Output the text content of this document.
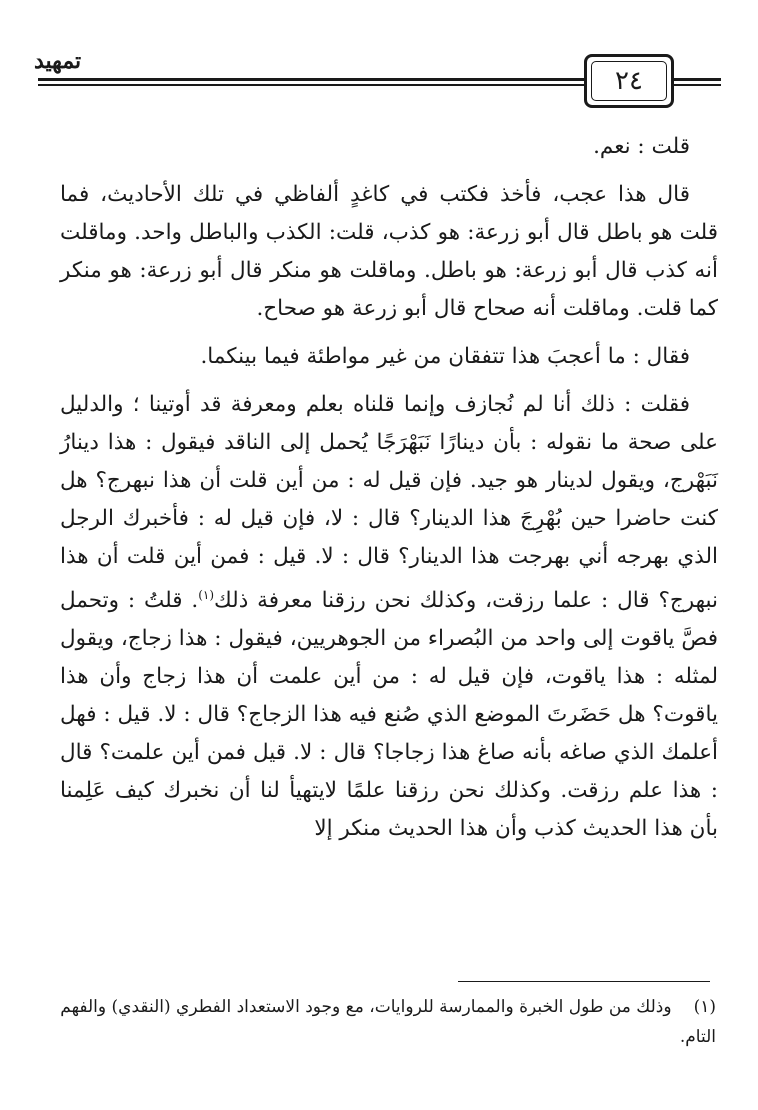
٢٤
تمهيد

قلت : نعم.

قال هذا عجب، فأخذ فكتب في كاغدٍ ألفاظي في تلك الأحاديث، فما قلت هو باطل قال أبو زرعة: هو كذب، قلت: الكذب والباطل واحد. وماقلت أنه كذب قال أبو زرعة: هو باطل. وماقلت هو منكر قال أبو زرعة: هو منكر كما قلت. وماقلت أنه صحاح قال أبو زرعة هو صحاح.

فقال : ما أعجبَ هذا تتفقان من غير مواطئة فيما بينكما.

فقلت : ذلك أنا لم نُجازف وإنما قلناه بعلم ومعرفة قد أوتينا ؛ والدليل على صحة ما نقوله : بأن دينارًا نَبَهْرَجًا يُحمل إلى الناقد فيقول : هذا دينارُ نَبَهْرج، ويقول لدينار هو جيد. فإن قيل له : من أين قلت أن هذا نبهرج؟ هل كنت حاضرا حين بُهْرِجَ هذا الدينار؟ قال : لا، فإن قيل له : فأخبرك الرجل الذي بهرجه أني بهرجت هذا الدينار؟ قال : لا. قيل : فمن أين قلت أن هذا نبهرج؟ قال : علما رزقت، وكذلك نحن رزقنا معرفة ذلك$^{(١)}$. قلتُ : وتحمل فصَّ ياقوت إلى واحد من البُصراء من الجوهريين، فيقول : هذا زجاج، ويقول لمثله : هذا ياقوت، فإن قيل له : من أين علمت أن هذا زجاج وأن هذا ياقوت؟ هل حَضَرتَ الموضع الذي صُنع فيه هذا الزجاج؟ قال : لا. قيل : فهل أعلمك الذي صاغه بأنه صاغ هذا زجاجا؟ قال : لا. قيل فمن أين علمت؟ قال : هذا علم رزقت. وكذلك نحن رزقنا علمًا لايتهيأ لنا أن نخبرك كيف عَلِمنا بأن هذا الحديث كذب وأن هذا الحديث منكر إلا

(١)وذلك من طول الخبرة والممارسة للروايات، مع وجود الاستعداد الفطري (النقدي) والفهم التام.
